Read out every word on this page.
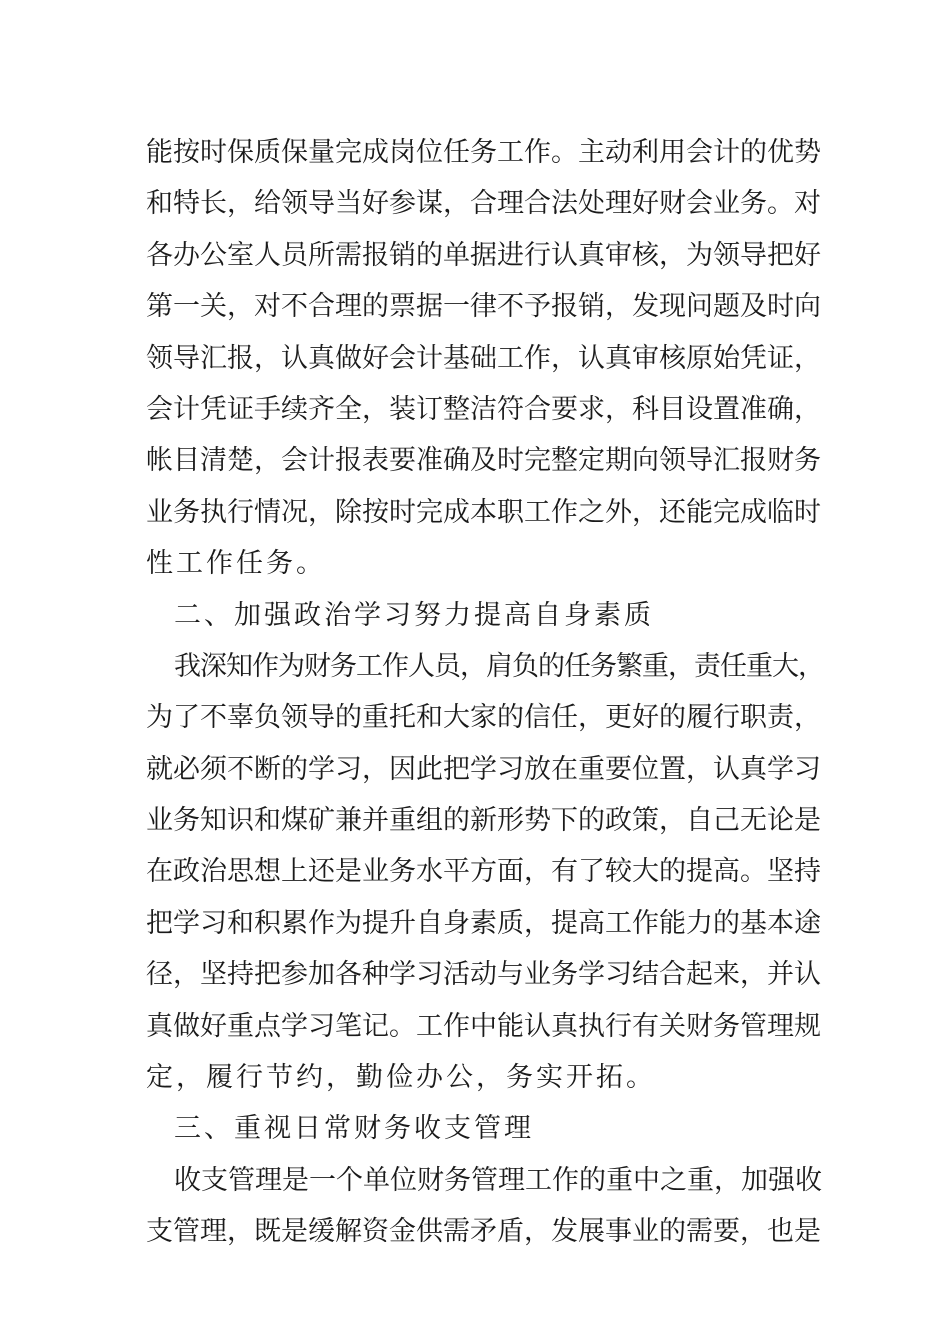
能按时保质保量完成岗位任务工作。主动利用会计的优势
和特长，给领导当好参谋，合理合法处理好财会业务。对
各办公室人员所需报销的单据进行认真审核，为领导把好
第一关，对不合理的票据一律不予报销，发现问题及时向
领导汇报，认真做好会计基础工作，认真审核原始凭证，
会计凭证手续齐全，装订整洁符合要求，科目设置准确，
帐目清楚，会计报表要准确及时完整定期向领导汇报财务
业务执行情况，除按时完成本职工作之外，还能完成临时
性工作任务。
二、加强政治学习努力提高自身素质
我深知作为财务工作人员，肩负的任务繁重，责任重大，
为了不辜负领导的重托和大家的信任，更好的履行职责，
就必须不断的学习，因此把学习放在重要位置，认真学习
业务知识和煤矿兼并重组的新形势下的政策，自己无论是
在政治思想上还是业务水平方面，有了较大的提高。坚持
把学习和积累作为提升自身素质，提高工作能力的基本途
径，坚持把参加各种学习活动与业务学习结合起来，并认
真做好重点学习笔记。工作中能认真执行有关财务管理规
定，履行节约，勤俭办公，务实开拓。
三、重视日常财务收支管理
收支管理是一个单位财务管理工作的重中之重，加强收
支管理，既是缓解资金供需矛盾，发展事业的需要，也是
